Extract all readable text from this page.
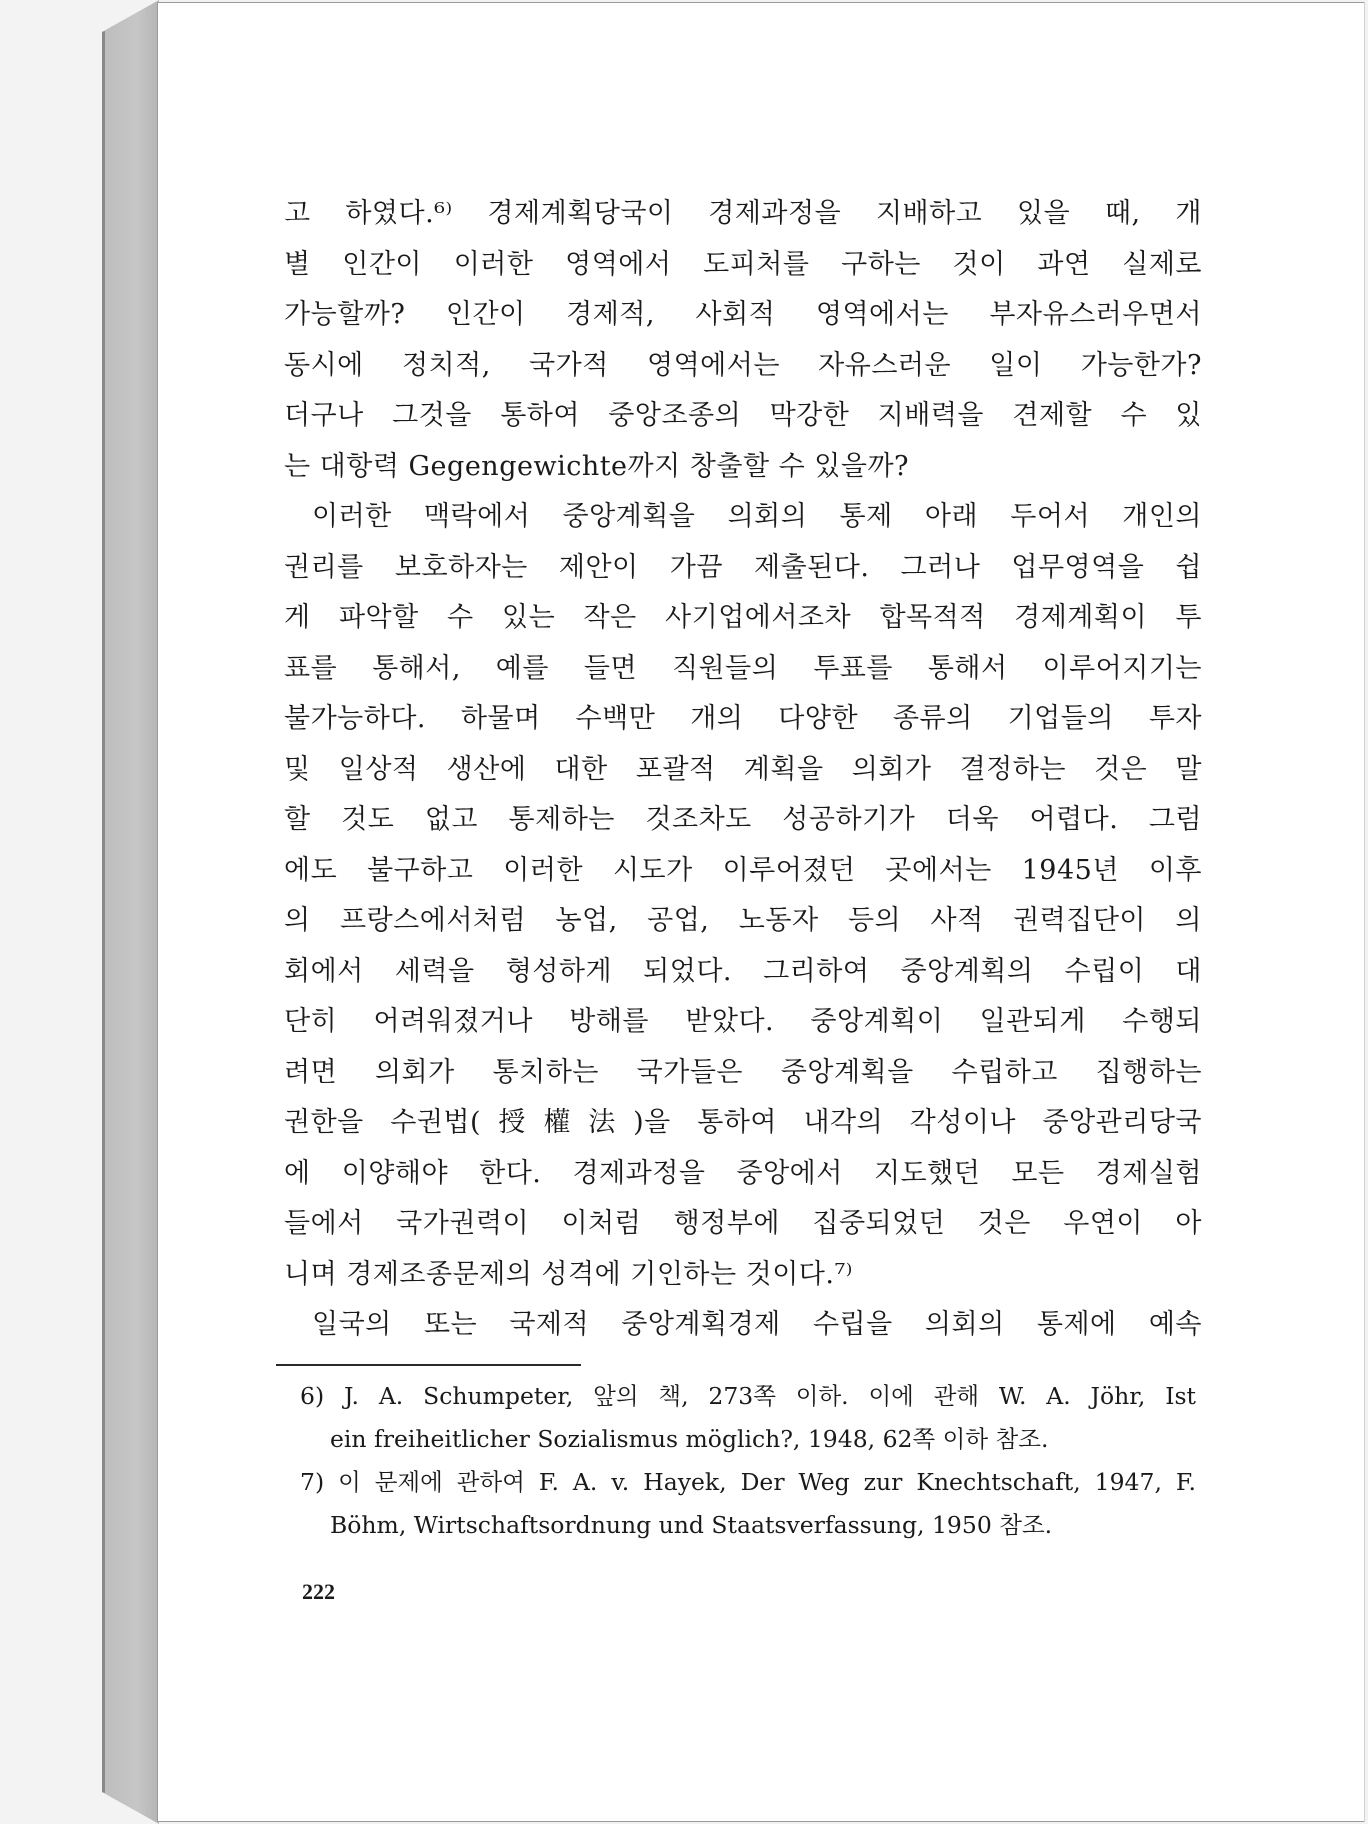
고 하였다.⁶⁾ 경제계획당국이 경제과정을 지배하고 있을 때, 개
별 인간이 이러한 영역에서 도피처를 구하는 것이 과연 실제로
가능할까? 인간이 경제적, 사회적 영역에서는 부자유스러우면서
동시에 정치적, 국가적 영역에서는 자유스러운 일이 가능한가?
더구나 그것을 통하여 중앙조종의 막강한 지배력을 견제할 수 있
는 대항력 Gegengewichte까지 창출할 수 있을까?
이러한 맥락에서 중앙계획을 의회의 통제 아래 두어서 개인의
권리를 보호하자는 제안이 가끔 제출된다. 그러나 업무영역을 쉽
게 파악할 수 있는 작은 사기업에서조차 합목적적 경제계획이 투
표를 통해서, 예를 들면 직원들의 투표를 통해서 이루어지기는
불가능하다. 하물며 수백만 개의 다양한 종류의 기업들의 투자
및 일상적 생산에 대한 포괄적 계획을 의회가 결정하는 것은 말
할 것도 없고 통제하는 것조차도 성공하기가 더욱 어렵다. 그럼
에도 불구하고 이러한 시도가 이루어졌던 곳에서는 1945년 이후
의 프랑스에서처럼 농업, 공업, 노동자 등의 사적 권력집단이 의
회에서 세력을 형성하게 되었다. 그리하여 중앙계획의 수립이 대
단히 어려워졌거나 방해를 받았다. 중앙계획이 일관되게 수행되
려면 의회가 통치하는 국가들은 중앙계획을 수립하고 집행하는
권한을 수권법(授權法)을 통하여 내각의 각성이나 중앙관리당국
에 이양해야 한다. 경제과정을 중앙에서 지도했던 모든 경제실험
들에서 국가권력이 이처럼 행정부에 집중되었던 것은 우연이 아
니며 경제조종문제의 성격에 기인하는 것이다.⁷⁾
일국의 또는 국제적 중앙계획경제 수립을 의회의 통제에 예속
6) J. A. Schumpeter, 앞의 책, 273쪽 이하. 이에 관해 W. A. Jöhr, Ist
ein freiheitlicher Sozialismus möglich?, 1948, 62쪽 이하 참조.
7) 이 문제에 관하여 F. A. v. Hayek, Der Weg zur Knechtschaft, 1947, F.
Böhm, Wirtschaftsordnung und Staatsverfassung, 1950 참조.
222
